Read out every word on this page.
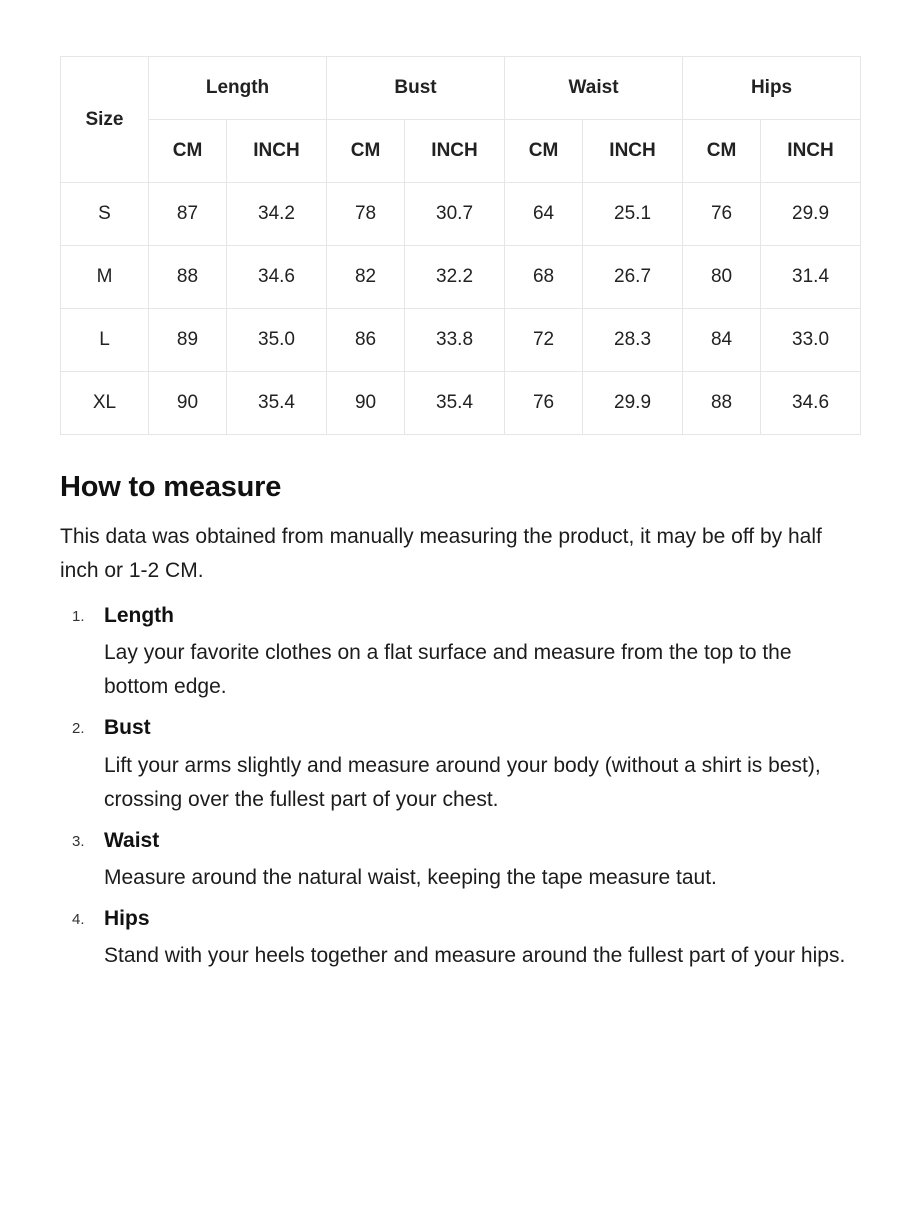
Size	Length		Bust		Waist		Hips	
	CM	INCH	CM	INCH	CM	INCH	CM	INCH
S	87	34.2	78	30.7	64	25.1	76	29.9
M	88	34.6	82	32.2	68	26.7	80	31.4
L	89	35.0	86	33.8	72	28.3	84	33.0
XL	90	35.4	90	35.4	76	29.9	88	34.6
How to measure

This data was obtained from manually measuring the product, it may be off by half inch or 1-2 CM.

Length
Lay your favorite clothes on a flat surface and measure from the top to the bottom edge.
Bust
Lift your arms slightly and measure around your body (without a shirt is best), crossing over the fullest part of your chest.
Waist
Measure around the natural waist, keeping the tape measure taut.
Hips
Stand with your heels together and measure around the fullest part of your hips.
